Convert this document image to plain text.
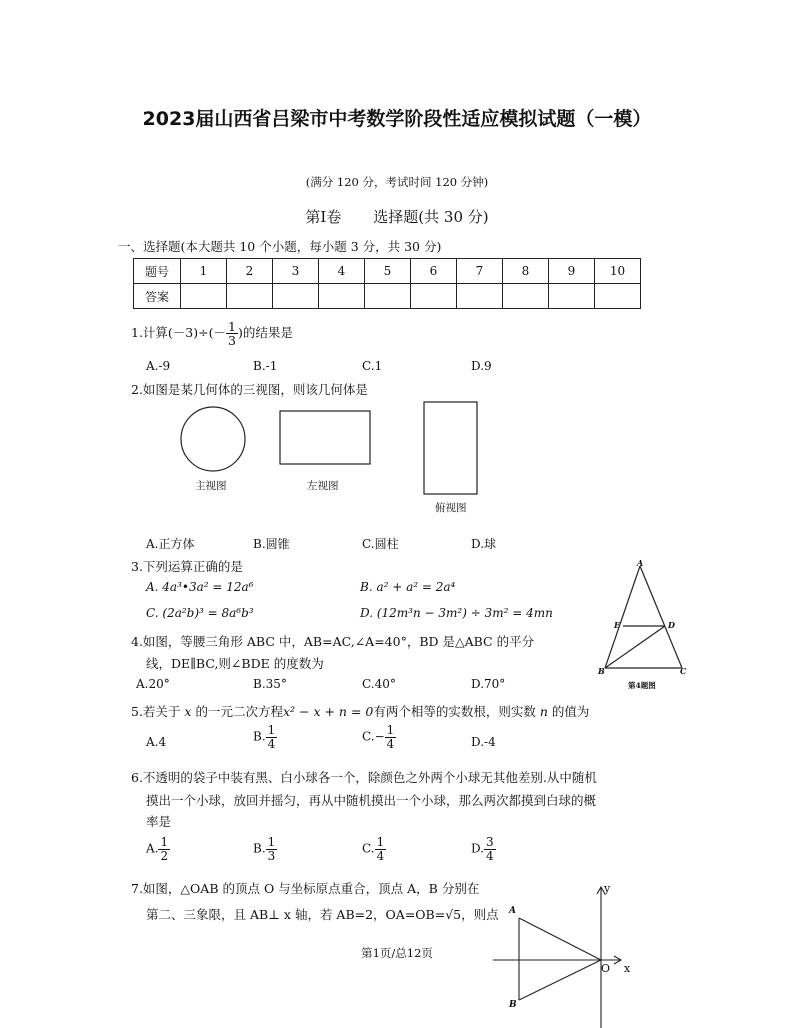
2023届山西省吕梁市中考数学阶段性适应模拟试题（一模）
(满分 120 分，考试时间 120 分钟)
第Ⅰ卷 选择题(共 30 分)
一、选择题(本大题共 10 个小题，每小题 3 分，共 30 分)
题号	1	2	3	4	5	6	7	8	9	10
答案										
1.计算$(-3)\div(- \frac{1}{3}$ )的结果是
A.-9	B.-1	C.1	D.9
2.如图是某几何体的三视图，则该几何体是
主视图	左视图
俯视图
A.正方体	B.圆锥	C.圆柱	D.球
3.下列运算正确的是
A. 4a³•3a² = 12a⁶	B. a² + a² = 2a⁴
C. (2a²b)³ = 8a⁶b³	D. (12m³n − 3m²) ÷ 3m² = 4mn
A
E	D
B	C
第4题图
4.如图，等腰三角形 ABC 中，AB=AC,∠A=40°，BD 是△ABC 的平分
线，DE∥BC,则∠BDE 的度数为
A.20°	B.35°	C.40°	D.70°
5.若关于 x 的一元二次方程x² − x + n = 0有两个相等的实数根，则实数 n 的值为
A.4	B. $\frac{1}{4}$	$C.- \frac{1}{4}$	D.-4
6.不透明的袋子中装有黑、白小球各一个，除颜色之外两个小球无其他差别.从中随机
摸出一个小球，放回并摇匀，再从中随机摸出一个小球，那么两次都摸到白球的概
率是
A. $\frac{1}{2}$	B. $\frac{1}{3}$	C. $\frac{1}{4}$	D. $\frac{3}{4}$
7.如图，△OAB 的顶点 O 与坐标原点重合，顶点 A，B 分别在
第二、三象限，且 AB⊥ x 轴，若 AB=2，OA=OB=√5，则点
y
A
O x
B
第1页/总12页
